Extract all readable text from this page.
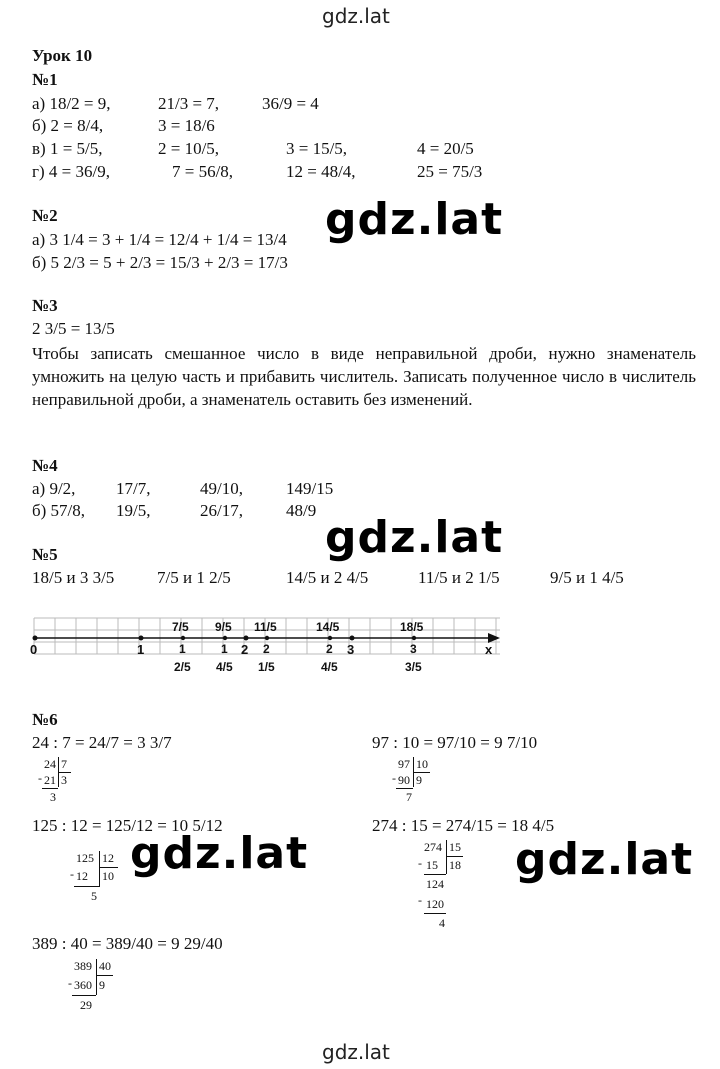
gdz.lat
gdz.lat
Урок 10
№1
а) 18/2 = 9,	21/3 = 7,	36/9 = 4
б) 2 = 8/4,	3 = 18/6
в) 1 = 5/5,	2 = 10/5,	3 = 15/5,	4 = 20/5
г) 4 = 36/9,	7 = 56/8,	12 = 48/4,	25 = 75/3
№2
а) 3 1/4 = 3 + 1/4 = 12/4 + 1/4 = 13/4
б) 5 2/3 = 5 + 2/3 = 15/3 + 2/3 = 17/3
gdz.lat
№3
2 3/5 = 13/5
Чтобы записать смешанное число в виде неправильной дроби, нужно знаменатель умножить на целую часть и прибавить числитель. Записать полученное число в числитель неправильной дроби, а знаменатель оставить без изменений.
№4
а) 9/2, 17/7,	49/10,	149/15
б) 57/8, 19/5,	26/17,	48/9
gdz.lat
№5
18/5 и 3 3/5	7/5 и 1 2/5	14/5 и 2 4/5	11/5 и 2 1/5	9/5 и 1 4/5
0	1	2	3	x
7/5 9/5 11/5	14/5	18/5
1	1	2	2	3
2/5 4/5 1/5	4/5	3/5
№6
24 : 7 = 24/7 = 3 3/7	97 : 10 = 97/10 = 9 7/10
24 7
- 21 3
3
97 10
- 90 9
7
125 : 12 = 125/12 = 10 5/12	274 : 15 = 274/15 = 18 4/5
125 12
- 12 10
5
gdz.lat	274 15
- 15 18
124
- 120
4
gdz.lat
389 : 40 = 389/40 = 9 29/40
389 40
- 360 9
29
